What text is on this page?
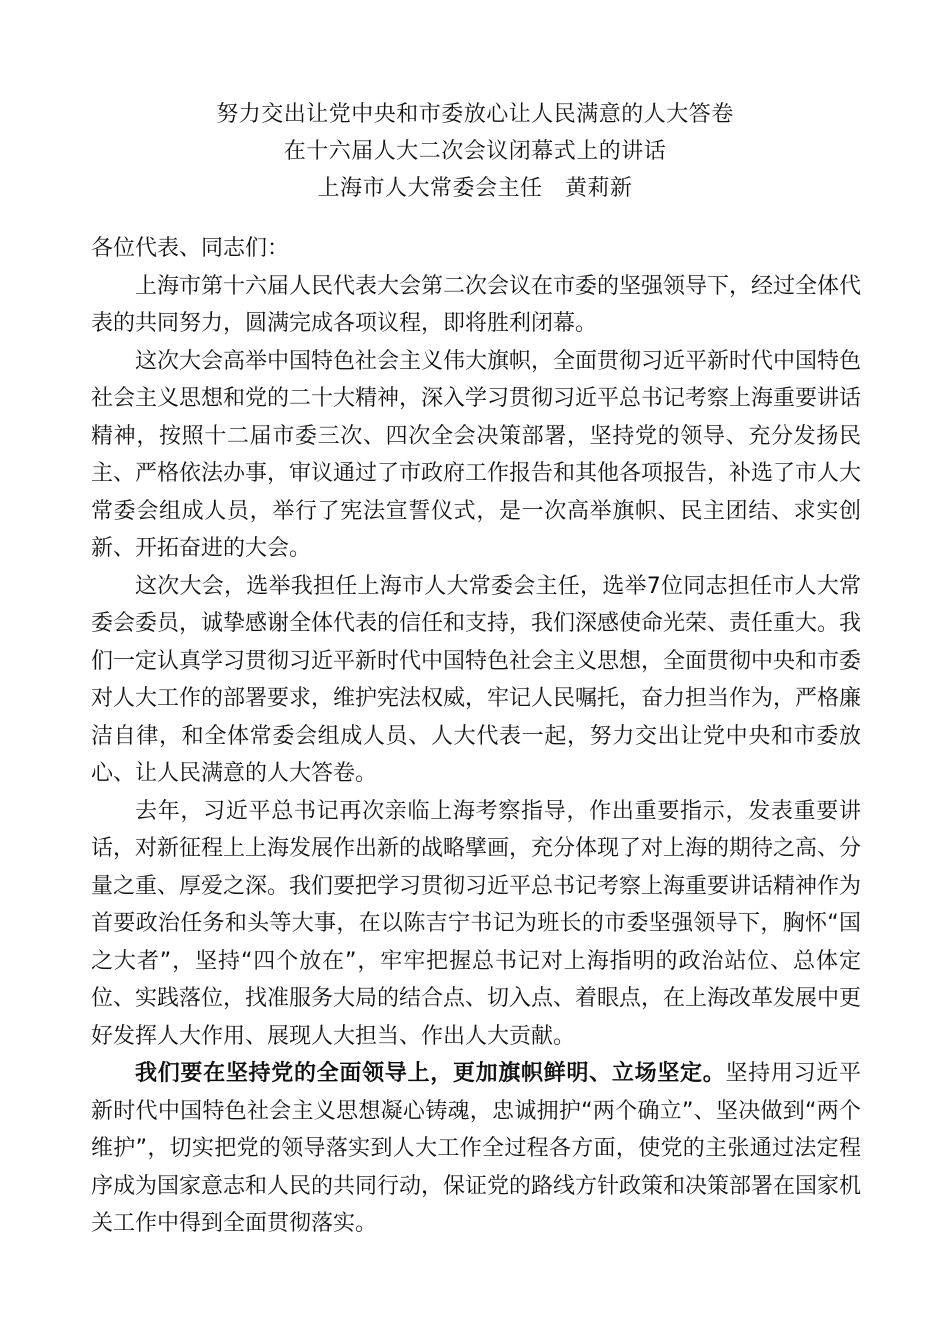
努力交出让党中央和市委放心让人民满意的人大答卷
在十六届人大二次会议闭幕式上的讲话
上海市人大常委会主任　黄莉新

各位代表、同志们：

上海市第十六届人民代表大会第二次会议在市委的坚强领导下，经过全体代表的共同努力，圆满完成各项议程，即将胜利闭幕。

这次大会高举中国特色社会主义伟大旗帜，全面贯彻习近平新时代中国特色社会主义思想和党的二十大精神，深入学习贯彻习近平总书记考察上海重要讲话精神，按照十二届市委三次、四次全会决策部署，坚持党的领导、充分发扬民主、严格依法办事，审议通过了市政府工作报告和其他各项报告，补选了市人大常委会组成人员，举行了宪法宣誓仪式，是一次高举旗帜、民主团结、求实创新、开拓奋进的大会。

这次大会，选举我担任上海市人大常委会主任，选举7位同志担任市人大常委会委员，诚挚感谢全体代表的信任和支持，我们深感使命光荣、责任重大。我们一定认真学习贯彻习近平新时代中国特色社会主义思想，全面贯彻中央和市委对人大工作的部署要求，维护宪法权威，牢记人民嘱托，奋力担当作为，严格廉洁自律，和全体常委会组成人员、人大代表一起，努力交出让党中央和市委放心、让人民满意的人大答卷。

去年，习近平总书记再次亲临上海考察指导，作出重要指示，发表重要讲话，对新征程上上海发展作出新的战略擘画，充分体现了对上海的期待之高、分量之重、厚爱之深。我们要把学习贯彻习近平总书记考察上海重要讲话精神作为首要政治任务和头等大事，在以陈吉宁书记为班长的市委坚强领导下，胸怀“国之大者”，坚持“四个放在”，牢牢把握总书记对上海指明的政治站位、总体定位、实践落位，找准服务大局的结合点、切入点、着眼点，在上海改革发展中更好发挥人大作用、展现人大担当、作出人大贡献。

我们要在坚持党的全面领导上，更加旗帜鲜明、立场坚定。坚持用习近平新时代中国特色社会主义思想凝心铸魂，忠诚拥护“两个确立”、坚决做到“两个维护”，切实把党的领导落实到人大工作全过程各方面，使党的主张通过法定程序成为国家意志和人民的共同行动，保证党的路线方针政策和决策部署在国家机关工作中得到全面贯彻落实。
